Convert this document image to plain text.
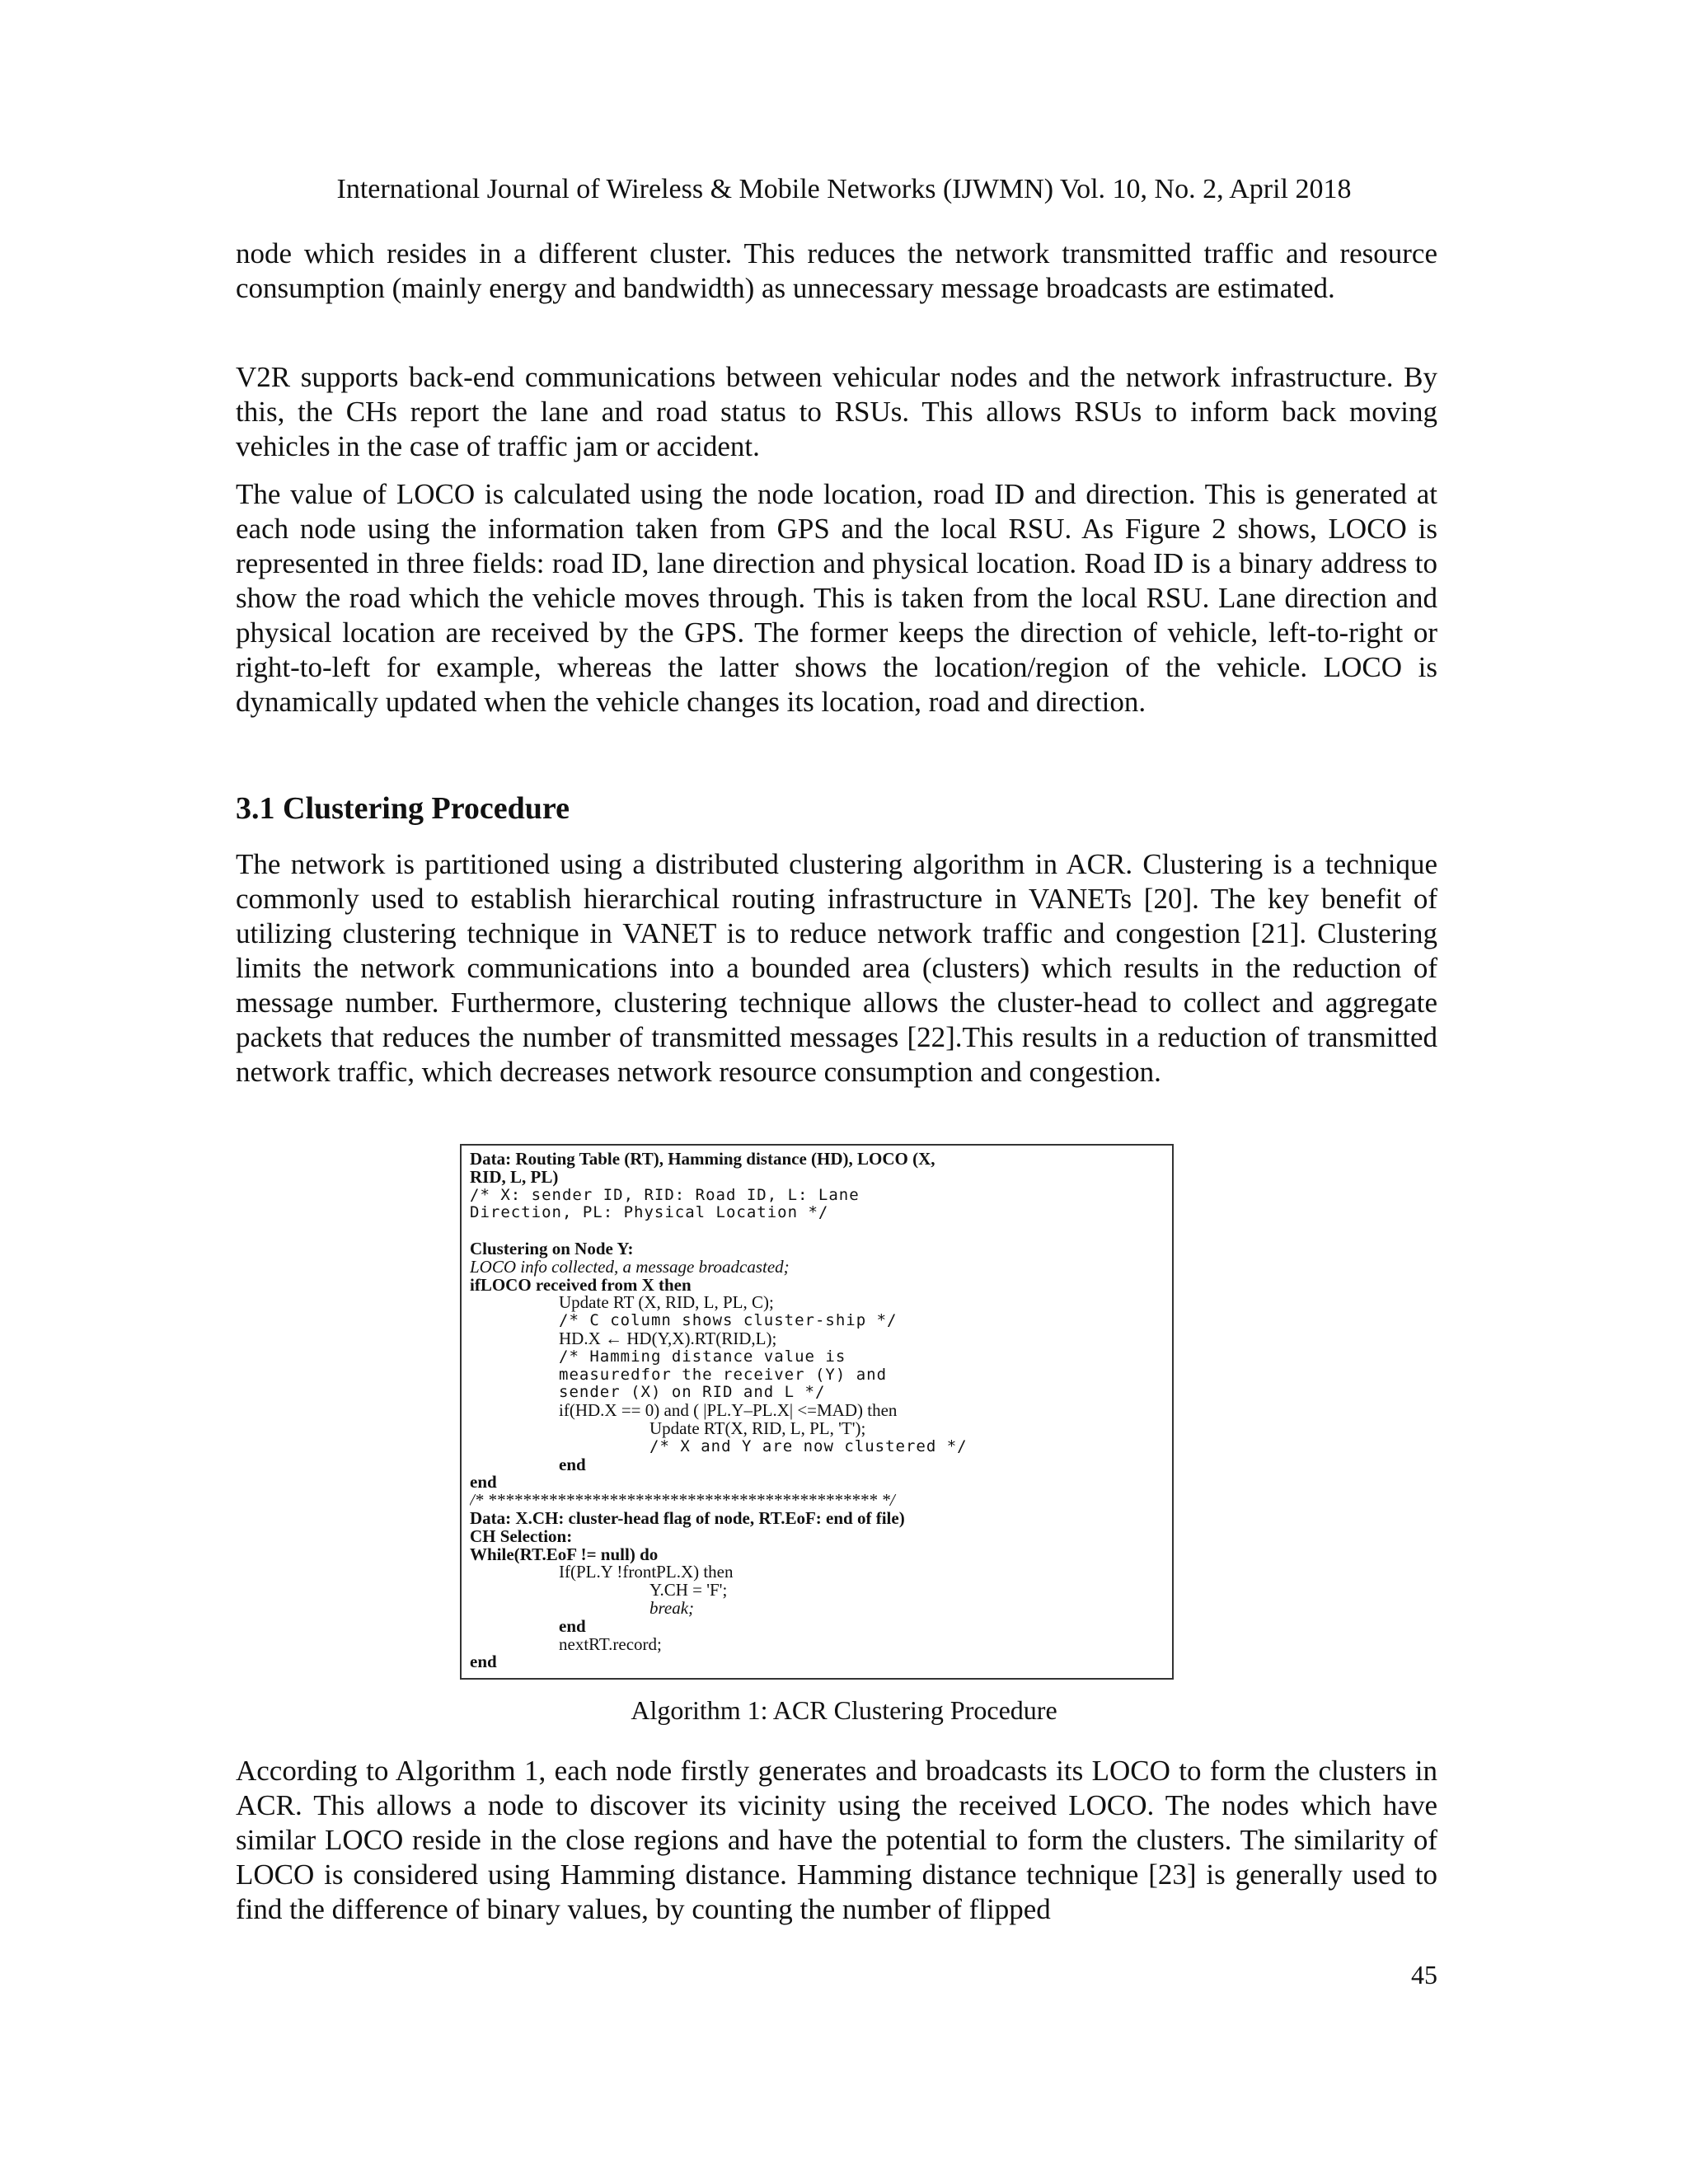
International Journal of Wireless & Mobile Networks (IJWMN) Vol. 10, No. 2, April 2018

node which resides in a different cluster. This reduces the network transmitted traffic and resource consumption (mainly energy and bandwidth) as unnecessary message broadcasts are estimated.

V2R supports back-end communications between vehicular nodes and the network infrastructure. By this, the CHs report the lane and road status to RSUs. This allows RSUs to inform back moving vehicles in the case of traffic jam or accident.

The value of LOCO is calculated using the node location, road ID and direction. This is generated at each node using the information taken from GPS and the local RSU. As Figure 2 shows, LOCO is represented in three fields: road ID, lane direction and physical location. Road ID is a binary address to show the road which the vehicle moves through. This is taken from the local RSU. Lane direction and physical location are received by the GPS. The former keeps the direction of vehicle, left-to-right or right-to-left for example, whereas the latter shows the location/region of the vehicle. LOCO is dynamically updated when the vehicle changes its location, road and direction.

3.1 Clustering Procedure

The network is partitioned using a distributed clustering algorithm in ACR. Clustering is a technique commonly used to establish hierarchical routing infrastructure in VANETs [20]. The key benefit of utilizing clustering technique in VANET is to reduce network traffic and congestion [21]. Clustering limits the network communications into a bounded area (clusters) which results in the reduction of message number. Furthermore, clustering technique allows the cluster-head to collect and aggregate packets that reduces the number of transmitted messages [22].This results in a reduction of transmitted network traffic, which decreases network resource consumption and congestion.

Data: Routing Table (RT), Hamming distance (HD), LOCO (X,
RID, L, PL)
/* X: sender ID, RID: Road ID, L: Lane
Direction, PL: Physical Location */
Clustering on Node Y:
LOCO info collected, a message broadcasted;
ifLOCO received from X then
Update RT (X, RID, L, PL, C);
/* C column shows cluster-ship */
HD.X ← HD(Y,X).RT(RID,L);
/* Hamming distance value is
measuredfor the receiver (Y) and
sender (X) on RID and L */
if(HD.X == 0) and ( |PL.Y–PL.X| <=MAD) then
Update RT(X, RID, L, PL, 'T');
/* X and Y are now clustered */
end
end
/* ********************************************* */
Data: X.CH: cluster-head flag of node, RT.EoF: end of file)
CH Selection:
While(RT.EoF != null) do
If(PL.Y !frontPL.X) then
Y.CH = 'F';
break;
end
nextRT.record;
end
Algorithm 1: ACR Clustering Procedure

According to Algorithm 1, each node firstly generates and broadcasts its LOCO to form the clusters in ACR. This allows a node to discover its vicinity using the received LOCO. The nodes which have similar LOCO reside in the close regions and have the potential to form the clusters. The similarity of LOCO is considered using Hamming distance. Hamming distance technique [23] is generally used to find the difference of binary values, by counting the number of flipped

45
